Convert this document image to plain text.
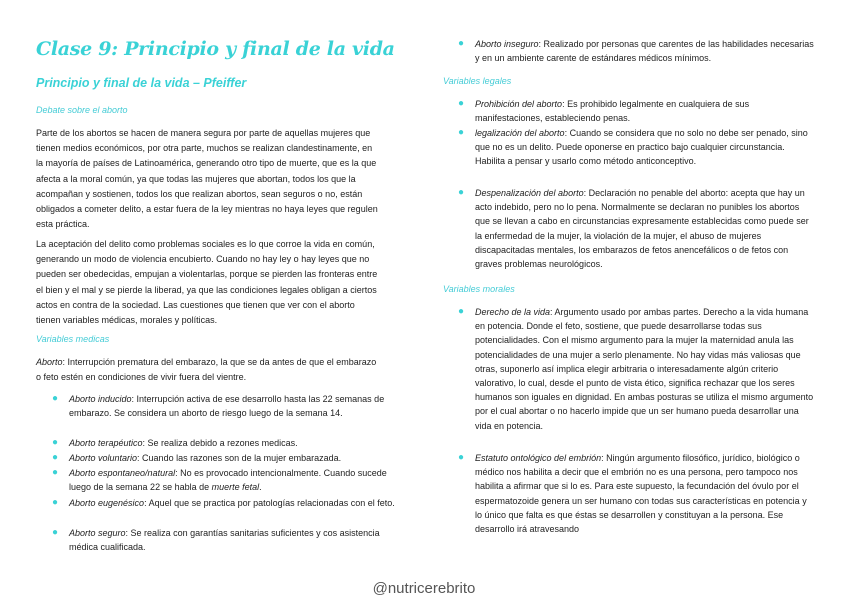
Clase 9: Principio y final de la vida
Principio y final de la vida – Pfeiffer

Debate sobre el aborto

Parte de los abortos se hacen de manera segura por parte de aquellas mujeres que tienen medios económicos, por otra parte, muchos se realizan clandestinamente, en la mayoría de países de Latinoamérica, generando otro tipo de muerte, que es la que afecta a la moral común, ya que todas las mujeres que abortan, todos los que la acompañan y sostienen, todos los que realizan abortos, sean seguros o no, están obligados a cometer delito, a estar fuera de la ley mientras no haya leyes que regulen esta práctica.

La aceptación del delito como problemas sociales es lo que corroe la vida en común, generando un modo de violencia encubierto. Cuando no hay ley o hay leyes que no pueden ser obedecidas, empujan a violentarlas, porque se pierden las fronteras entre el bien y el mal y se pierde la liberad, ya que las condiciones legales obligan a ciertos actos en contra de la sociedad. Las cuestiones que tienen que ver con el aborto tienen variables médicas, morales y políticas.

Variables medicas

Aborto: Interrupción prematura del embarazo, la que se da antes de que el embarazo o feto estén en condiciones de vivir fuera del vientre.

● Aborto inducido: Interrupción activa de ese desarrollo hasta las 22 semanas de embarazo. Se considera un aborto de riesgo luego de la semana 14.
● Aborto terapéutico: Se realiza debido a rezones medicas.
● Aborto voluntario: Cuando las razones son de la mujer embarazada.
● Aborto espontaneo/natural: No es provocado intencionalmente. Cuando sucede luego de la semana 22 se habla de muerte fetal.
● Aborto eugenésico: Aquel que se practica por patologías relacionadas con el feto.
● Aborto seguro: Se realiza con garantías sanitarias suficientes y cos asistencia médica cualificada.
● Aborto inseguro: Realizado por personas que carentes de las habilidades necesarias y en un ambiente carente de estándares médicos mínimos.

Variables legales

● Prohibición del aborto: Es prohibido legalmente en cualquiera de sus manifestaciones, estableciendo penas.
● legalización del aborto: Cuando se considera que no solo no debe ser penado, sino que no es un delito. Puede oponerse en practico bajo cualquier circunstancia. Habilita a pensar y usarlo como método anticonceptivo.
● Despenalización del aborto: Declaración no penable del aborto: acepta que hay un acto indebido, pero no lo pena. Normalmente se declaran no punibles los abortos que se llevan a cabo en circunstancias expresamente establecidas como puede ser la enfermedad de la mujer, la violación de la mujer, el abuso de mujeres discapacitadas mentales, los embarazos de fetos anencefálicos o de fetos con graves problemas neurológicos.

Variables morales

● Derecho de la vida: Argumento usado por ambas partes. Derecho a la vida humana en potencia. Donde el feto, sostiene, que puede desarrollarse todas sus potencialidades. Con el mismo argumento para la mujer la maternidad anula las potencialidades de una mujer a serlo plenamente. No hay vidas más valiosas que otras, suponerlo así implica elegir arbitraria o interesadamente algún criterio valorativo, lo cual, desde el punto de vista ético, significa rechazar que los seres humanos son iguales en dignidad. En ambas posturas se utiliza el mismo argumento por el cual abortar o no hacerlo impide que un ser humano pueda desarrollar una vida en potencia.
● Estatuto ontológico del embrión: Ningún argumento filosófico, jurídico, biológico o médico nos habilita a decir que el embrión no es una persona, pero tampoco nos habilita a afirmar que si lo es. Para este supuesto, la fecundación del óvulo por el espermatozoide genera un ser humano con todas sus características en potencia y lo único que falta es que éstas se desarrollen y constituyan a la persona. Ese desarrollo irá atravesando

@nutricerebrito
